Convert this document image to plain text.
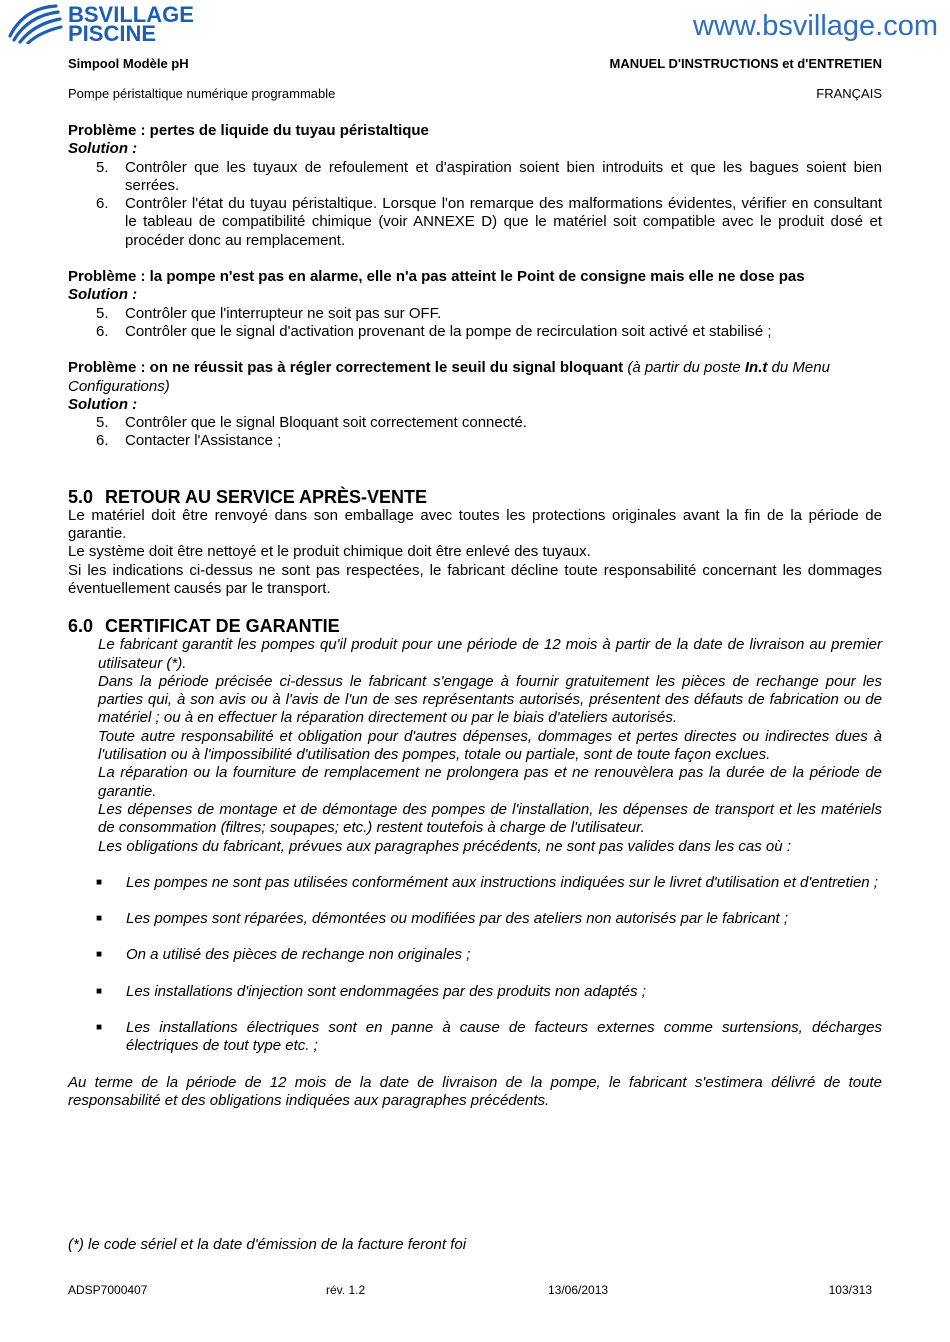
BSVILLAGE
PISCINE	www.bsvillage.com
Simpool Modèle pH	MANUEL D'INSTRUCTIONS et d'ENTRETIEN
Pompe péristaltique numérique programmable	FRANÇAIS

Problème : pertes de liquide du tuyau péristaltique

Solution :

5.	Contrôler que les tuyaux de refoulement et d'aspiration soient bien introduits et que les bagues soient bien serrées.
6.	Contrôler l'état du tuyau péristaltique. Lorsque l'on remarque des malformations évidentes, vérifier en consultant le tableau de compatibilité chimique (voir ANNEXE D) que le matériel soit compatible avec le produit dosé et procéder donc au remplacement.

Problème : la pompe n'est pas en alarme, elle n'a pas atteint le Point de consigne mais elle ne dose pas

Solution :

5.	Contrôler que l'interrupteur ne soit pas sur OFF.
6.	Contrôler que le signal d'activation provenant de la pompe de recirculation soit activé et stabilisé ;

Problème : on ne réussit pas à régler correctement le seuil du signal bloquant (à partir du poste In.t du Menu Configurations)

Solution :

5.	Contrôler que le signal Bloquant soit correctement connecté.
6.	Contacter l'Assistance ;
5.0 RETOUR AU SERVICE APRÈS-VENTE

Le matériel doit être renvoyé dans son emballage avec toutes les protections originales avant la fin de la période de garantie.

Le système doit être nettoyé et le produit chimique doit être enlevé des tuyaux.

Si les indications ci-dessus ne sont pas respectées, le fabricant décline toute responsabilité concernant les dommages éventuellement causés par le transport.

6.0 CERTIFICAT DE GARANTIE

Le fabricant garantit les pompes qu'il produit pour une période de 12 mois à partir de la date de livraison au premier utilisateur (*).

Dans la période précisée ci-dessus le fabricant s'engage à fournir gratuitement les pièces de rechange pour les parties qui, à son avis ou à l'avis de l'un de ses représentants autorisés, présentent des défauts de fabrication ou de matériel ; ou à en effectuer la réparation directement ou par le biais d'ateliers autorisés.

Toute autre responsabilité et obligation pour d'autres dépenses, dommages et pertes directes ou indirectes dues à l'utilisation ou à l'impossibilité d'utilisation des pompes, totale ou partiale, sont de toute façon exclues.

La réparation ou la fourniture de remplacement ne prolongera pas et ne renouvèlera pas la durée de la période de garantie.

Les dépenses de montage et de démontage des pompes de l'installation, les dépenses de transport et les matériels de consommation (filtres; soupapes; etc.) restent toutefois à charge de l'utilisateur.

Les obligations du fabricant, prévues aux paragraphes précédents, ne sont pas valides dans les cas où :

■	Les pompes ne sont pas utilisées conformément aux instructions indiquées sur le livret d'utilisation et d'entretien ;
■	Les pompes sont réparées, démontées ou modifiées par des ateliers non autorisés par le fabricant ;
■	On a utilisé des pièces de rechange non originales ;
■	Les installations d'injection sont endommagées par des produits non adaptés ;
■	Les installations électriques sont en panne à cause de facteurs externes comme surtensions, décharges électriques de tout type etc. ;

Au terme de la période de 12 mois de la date de livraison de la pompe, le fabricant s'estimera délivré de toute responsabilité et des obligations indiquées aux paragraphes précédents.

(*) le code sériel et la date d'émission de la facture feront foi
ADSP7000407	rév. 1.2	13/06/2013	103/313
